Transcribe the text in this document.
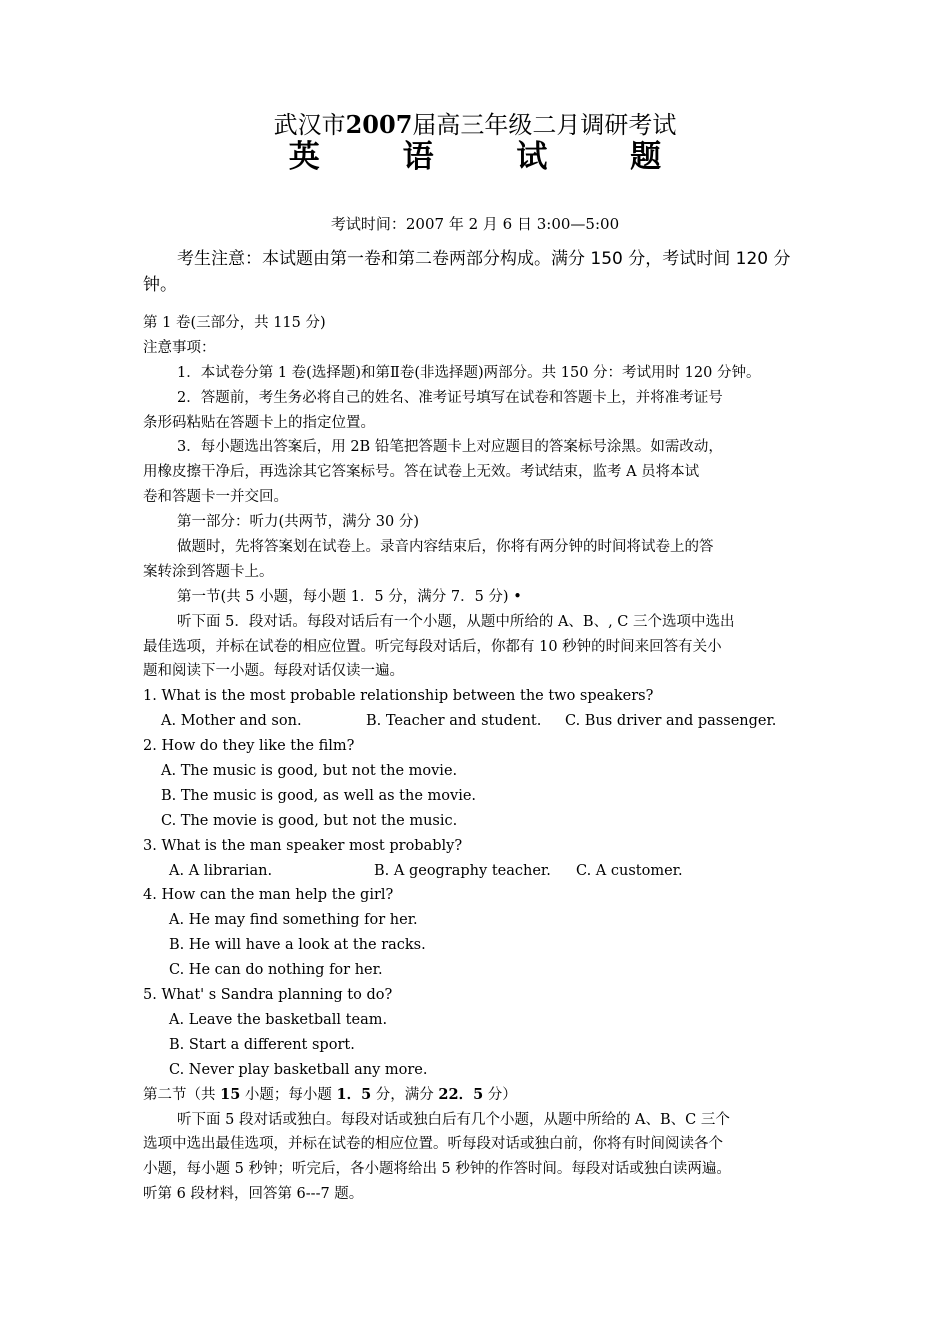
武汉市2007届高三年级二月调研考试
英 语 试 题
考试时间：2007 年 2 月 6 日 3:00—5:00
考生注意：本试题由第一卷和第二卷两部分构成。满分 150 分，考试时间 120 分钟。
第 1 卷(三部分，共 115 分)
注意事项：
1．本试卷分第 1 卷(选择题)和第Ⅱ卷(非选择题)两部分。共 150 分：考试用时 120 分钟。
2．答题前，考生务必将自己的姓名、准考证号填写在试卷和答题卡上，并将准考证号
条形码粘贴在答题卡上的指定位置。
3．每小题选出答案后，用 2B 铅笔把答题卡上对应题目的答案标号涂黑。如需改动，
用橡皮擦干净后，再选涂其它答案标号。答在试卷上无效。考试结束，监考 A 员将本试
卷和答题卡一并交回。
第一部分：听力(共两节，满分 30 分)
做题时，先将答案划在试卷上。录音内容结束后，你将有两分钟的时间将试卷上的答
案转涂到答题卡上。
第一节(共 5 小题，每小题 1．5 分，满分 7．5 分) •
听下面 5．段对话。每段对话后有一个小题，从题中所给的 A、B、, C 三个选项中选出
最佳选项，并标在试卷的相应位置。听完每段对话后，你都有 10 秒钟的时间来回答有关小
题和阅读下一小题。每段对话仅读一遍。
1. What is the most probable relationship between the two speakers?
A. Mother and son.	B. Teacher and student.	C. Bus driver and passenger.
2. How do they like the film?
A. The music is good, but not the movie.
B. The music is good, as well as the movie.
C. The movie is good, but not the music.
3. What is the man speaker most probably?
A. A librarian.	B. A geography teacher.	C. A customer.
4. How can the man help the girl?
A. He may find something for her.
B. He will have a look at the racks.
C. He can do nothing for her.
5. What' s Sandra planning to do?
A. Leave the basketball team.
B. Start a different sport.
C. Never play basketball any more.
第二节（共 15 小题；每小题 1．5 分，满分 22．5 分）
听下面 5 段对话或独白。每段对话或独白后有几个小题，从题中所给的 A、B、C 三个
选项中选出最佳选项，并标在试卷的相应位置。听每段对话或独白前，你将有时间阅读各个
小题，每小题 5 秒钟；听完后，各小题将给出 5 秒钟的作答时间。每段对话或独白读两遍。
听第 6 段材料，回答第 6---7 题。
